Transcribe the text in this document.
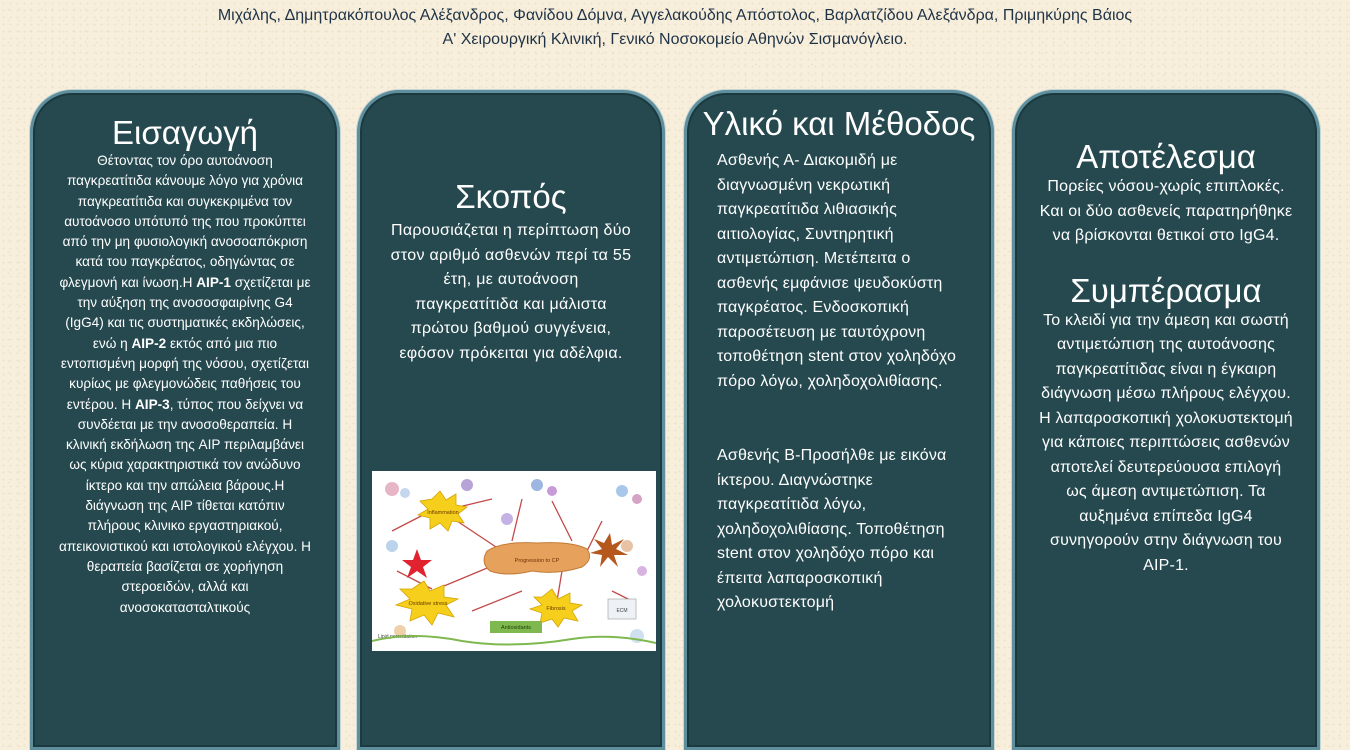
Μιχάλης, Δημητρακόπουλος Αλέξανδρος, Φανίδου Δόμνα, Αγγελακούδης Απόστολος, Βαρλατζίδου Αλεξάνδρα, Πριμηκύρης Βάιος
Α' Χειρουργική Κλινική, Γενικό Νοσοκομείο Αθηνών Σισμανόγλειο.
Εισαγωγή
Θέτοντας τον όρο αυτοάνοση παγκρεατίτιδα κάνουμε λόγο για χρόνια παγκρεατίτιδα και συγκεκριμένα τον αυτοάνοσο υπότυπό της που προκύπτει από την μη φυσιολογική ανοσοαπόκριση κατά του παγκρέατος, οδηγώντας σε φλεγμονή και ίνωση.Η AIP-1 σχετίζεται με την αύξηση της ανοσοσφαιρίνης G4 (IgG4) και τις συστηματικές εκδηλώσεις, ενώ η AIP-2 εκτός από μια πιο εντοπισμένη μορφή της νόσου, σχετίζεται κυρίως με φλεγμονώδεις παθήσεις του εντέρου. Η AIP-3, τύπος που δείχνει να συνδέεται με την ανοσοθεραπεία. Η κλινική εκδήλωση της AIP περιλαμβάνει ως κύρια χαρακτηριστικά τον ανώδυνο ίκτερο και την απώλεια βάρους.Η διάγνωση της AIP τίθεται κατόπιν πλήρους κλινικο εργαστηριακού, απεικονιστικού και ιστολογικού ελέγχου. Η θεραπεία βασίζεται σε χορήγηση στεροειδών, αλλά και ανοσοκατασταλτικούς
Σκοπός
Παρουσιάζεται η περίπτωση δύο στον αριθμό ασθενών περί τα 55 έτη, με αυτοάνοση παγκρεατίτιδα και μάλιστα πρώτου βαθμού συγγένεια, εφόσον πρόκειται για αδέλφια.
Inflammation
Progression to CP
Oxidative stress
Fibrosis
Antioxidants
Lipid peroxidation
ECM
Υλικό και Μέθοδος
Ασθενής Α- Διακομιδή με διαγνωσμένη νεκρωτική παγκρεατίτιδα λιθιασικής αιτιολογίας, Συντηρητική αντιμετώπιση. Μετέπειτα ο ασθενής εμφάνισε ψευδοκύστη παγκρέατος. Ενδοσκοπική παροσέτευση με ταυτόχρονη τοποθέτηση stent στον χοληδόχο πόρο λόγω, χοληδοχολιθίασης.
Ασθενής Β-Προσήλθε με εικόνα ίκτερου. Διαγνώστηκε παγκρεατίτιδα λόγω, χοληδοχολιθίασης. Τοποθέτηση stent στον χοληδόχο πόρο και έπειτα λαπαροσκοπική χολοκυστεκτομή
Αποτέλεσμα
Πορείες νόσου-χωρίς επιπλοκές. Και οι δύο ασθενείς παρατηρήθηκε να βρίσκονται θετικοί στο IgG4.
Συμπέρασμα
Το κλειδί για την άμεση και σωστή αντιμετώπιση της αυτοάνοσης παγκρεατίτιδας είναι η έγκαιρη διάγνωση μέσω πλήρους ελέγχου. Η λαπαροσκοπική χολοκυστεκτομή για κάποιες περιπτώσεις ασθενών αποτελεί δευτερεύουσα επιλογή ως άμεση αντιμετώπιση. Τα αυξημένα επίπεδα IgG4 συνηγορούν στην διάγνωση του AIP-1.
